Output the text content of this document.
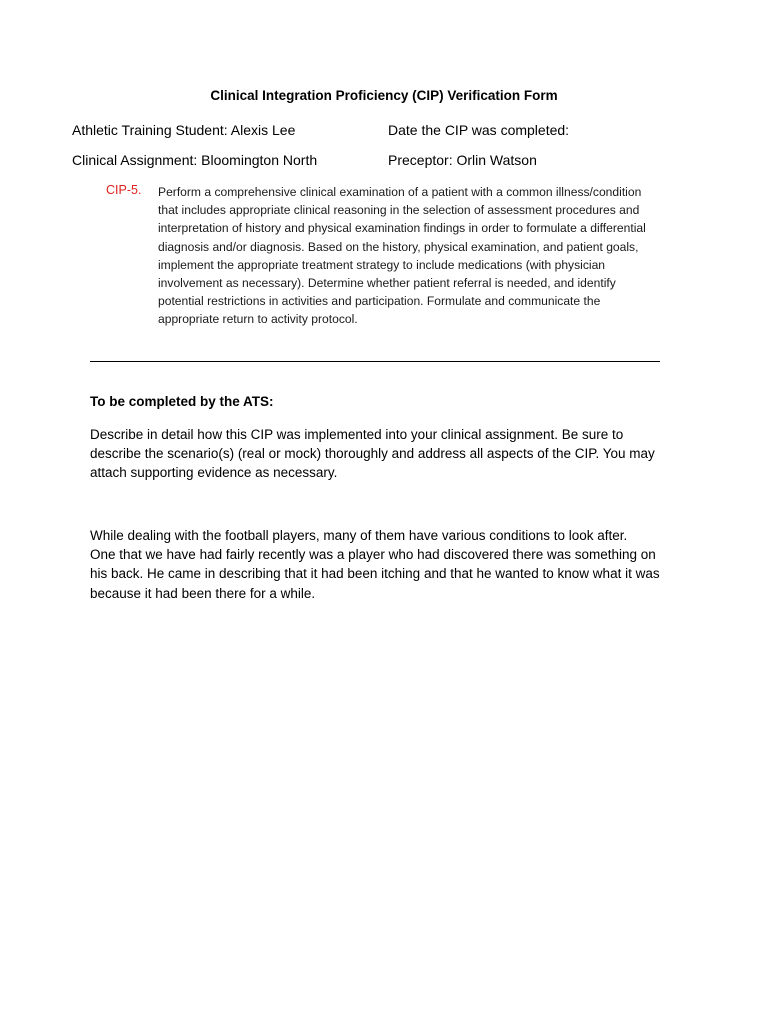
Clinical Integration Proficiency (CIP) Verification Form
Athletic Training Student: Alexis Lee	Date the CIP was completed:
Clinical Assignment: Bloomington North	Preceptor: Orlin Watson
CIP-5. Perform a comprehensive clinical examination of a patient with a common illness/condition
that includes appropriate clinical reasoning in the selection of assessment procedures and
interpretation of history and physical examination findings in order to formulate a differential
diagnosis and/or diagnosis. Based on the history, physical examination, and patient goals,
implement the appropriate treatment strategy to include medications (with physician
involvement as necessary). Determine whether patient referral is needed, and identify
potential restrictions in activities and participation. Formulate and communicate the
appropriate return to activity protocol.
To be completed by the ATS:
Describe in detail how this CIP was implemented into your clinical assignment. Be sure to
describe the scenario(s) (real or mock) thoroughly and address all aspects of the CIP. You may
attach supporting evidence as necessary.
While dealing with the football players, many of them have various conditions to look after.
One that we have had fairly recently was a player who had discovered there was something on
his back. He came in describing that it had been itching and that he wanted to know what it was
because it had been there for a while.
